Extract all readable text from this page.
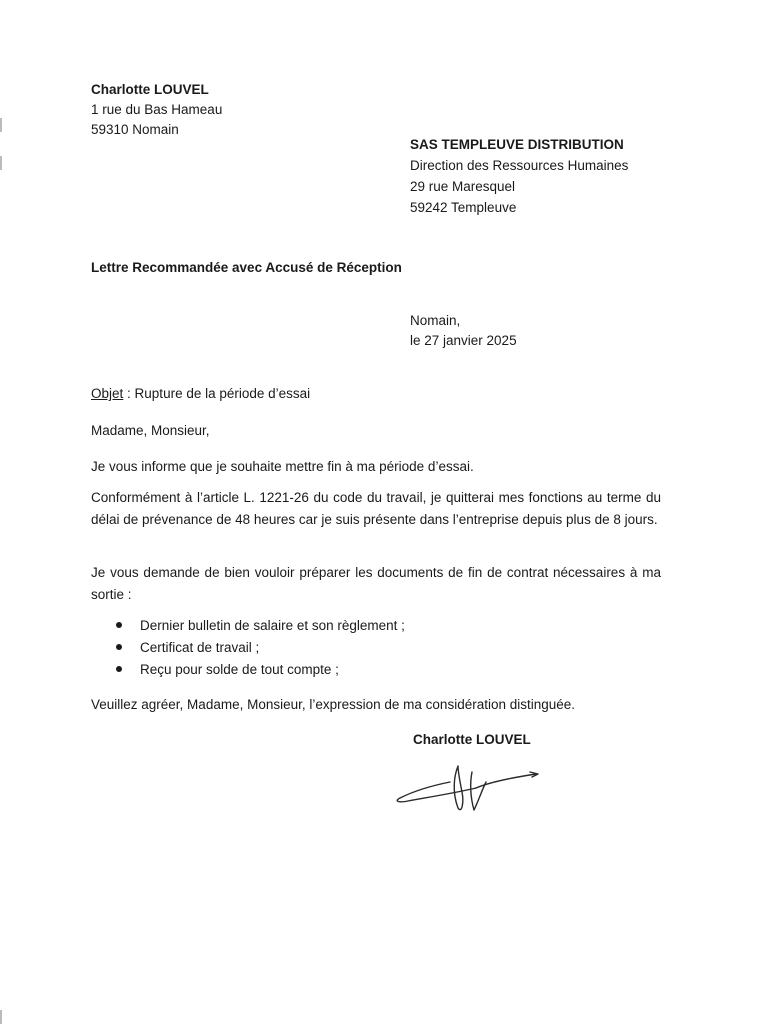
Charlotte LOUVEL
1 rue du Bas Hameau
59310 Nomain
SAS TEMPLEUVE DISTRIBUTION
Direction des Ressources Humaines
29 rue Maresquel
59242 Templeuve
Lettre Recommandée avec Accusé de Réception
Nomain,
le 27 janvier 2025
Objet : Rupture de la période d’essai
Madame, Monsieur,
Je vous informe que je souhaite mettre fin à ma période d’essai.
Conformément à l’article L. 1221-26 du code du travail, je quitterai mes fonctions au terme du délai de prévenance de 48 heures car je suis présente dans l’entreprise depuis plus de 8 jours.
Je vous demande de bien vouloir préparer les documents de fin de contrat nécessaires à ma sortie :
Dernier bulletin de salaire et son règlement ;
Certificat de travail ;
Reçu pour solde de tout compte ;
Veuillez agréer, Madame, Monsieur, l’expression de ma considération distinguée.
Charlotte LOUVEL
